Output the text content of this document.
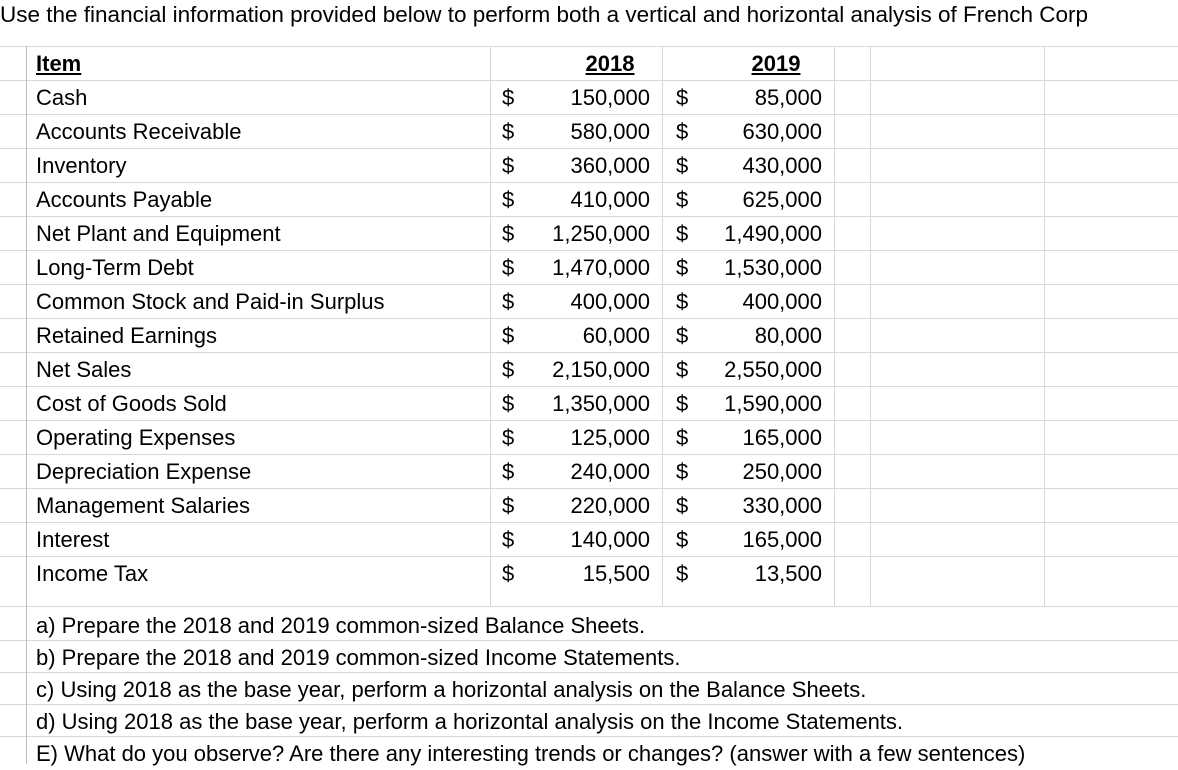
Use the financial information provided below to perform both a vertical and horizontal analysis of French Corp
Item	2018	2019
Cash	$	150,000 $	85,000
Accounts Receivable	$	580,000 $	630,000
Inventory	$	360,000 $	430,000
Accounts Payable	$	410,000 $	625,000
Net Plant and Equipment	$	1,250,000 $	1,490,000
Long-Term Debt	$	1,470,000 $	1,530,000
Common Stock and Paid-in Surplus	$	400,000 $	400,000
Retained Earnings	$	60,000 $	80,000
Net Sales	$	2,150,000 $	2,550,000
Cost of Goods Sold	$	1,350,000 $	1,590,000
Operating Expenses	$	125,000 $	165,000
Depreciation Expense	$	240,000 $	250,000
Management Salaries	$	220,000 $	330,000
Interest	$	140,000 $	165,000
Income Tax	$	15,500 $	13,500
a) Prepare the 2018 and 2019 common-sized Balance Sheets.
b) Prepare the 2018 and 2019 common-sized Income Statements.
c) Using 2018 as the base year, perform a horizontal analysis on the Balance Sheets.
d) Using 2018 as the base year, perform a horizontal analysis on the Income Statements.
E) What do you observe? Are there any interesting trends or changes? (answer with a few sentences)
